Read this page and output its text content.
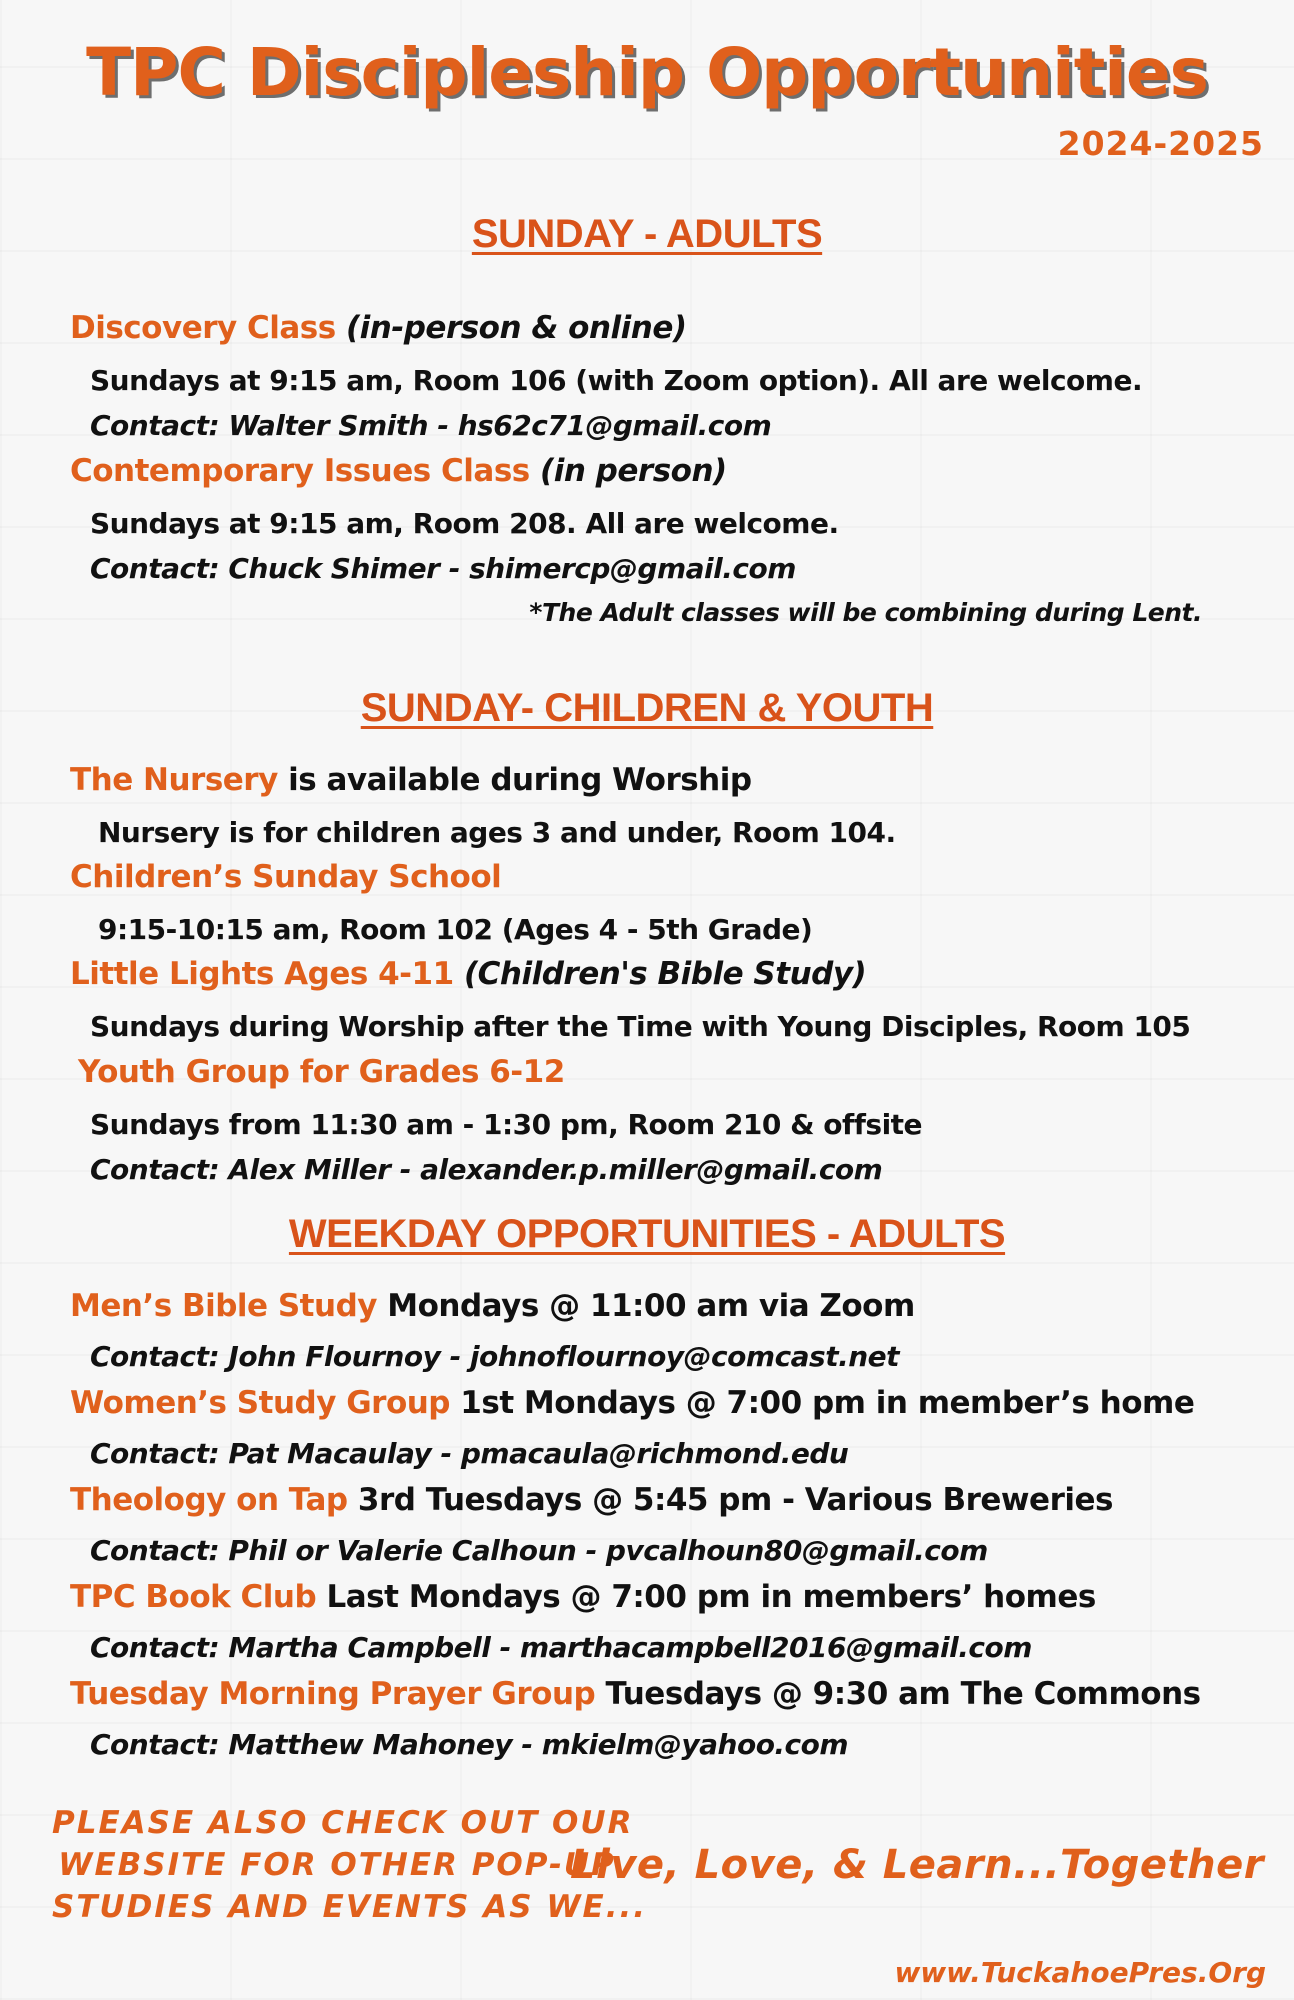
TPC Discipleship Opportunities
2024-2025
SUNDAY - ADULTS
Discovery Class (in-person & online)
Sundays at 9:15 am, Room 106 (with Zoom option). All are welcome.
Contact: Walter Smith - hs62c71@gmail.com
Contemporary Issues Class (in person)
Sundays at 9:15 am, Room 208. All are welcome.
Contact: Chuck Shimer - shimercp@gmail.com
*The Adult classes will be combining during Lent.
SUNDAY- CHILDREN & YOUTH
The Nursery is available during Worship
Nursery is for children ages 3 and under, Room 104.
Children’s Sunday School
9:15-10:15 am, Room 102 (Ages 4 - 5th Grade)
Little Lights Ages 4-11 (Children's Bible Study)
Sundays during Worship after the Time with Young Disciples, Room 105
Youth Group for Grades 6-12
Sundays from 11:30 am - 1:30 pm, Room 210 & offsite
Contact: Alex Miller - alexander.p.miller@gmail.com
WEEKDAY OPPORTUNITIES - ADULTS
Men’s Bible Study Mondays @ 11:00 am via Zoom
Contact: John Flournoy - johnoflournoy@comcast.net
Women’s Study Group 1st Mondays @ 7:00 pm in member’s home
Contact: Pat Macaulay - pmacaula@richmond.edu
Theology on Tap 3rd Tuesdays @ 5:45 pm - Various Breweries
Contact: Phil or Valerie Calhoun - pvcalhoun80@gmail.com
TPC Book Club Last Mondays @ 7:00 pm in members’ homes
Contact: Martha Campbell - marthacampbell2016@gmail.com
Tuesday Morning Prayer Group Tuesdays @ 9:30 am The Commons
Contact: Matthew Mahoney - mkielm@yahoo.com
PLEASE ALSO CHECK OUT OUR
WEBSITE FOR OTHER POP-UP
STUDIES AND EVENTS AS WE...
Live, Love, & Learn...Together
www.TuckahoePres.Org
